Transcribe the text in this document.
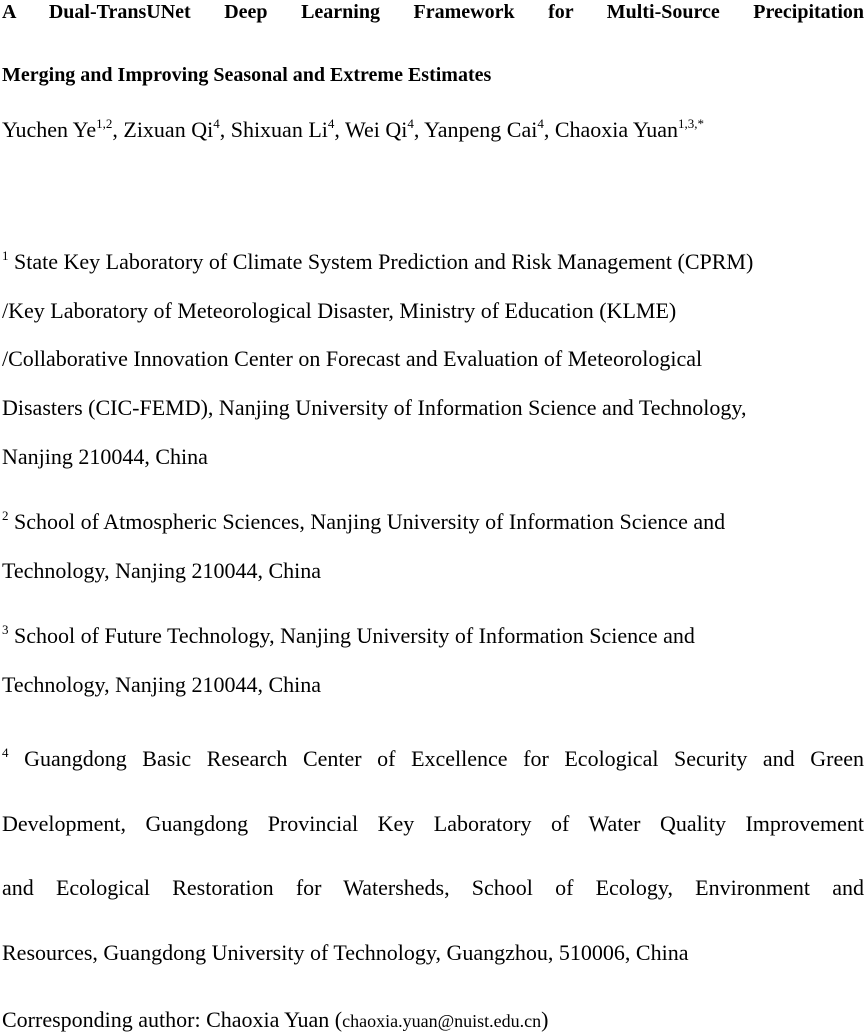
A Dual-TransUNet Deep Learning Framework for Multi-Source Precipitation
Merging and Improving Seasonal and Extreme Estimates
Yuchen Ye$^{1,2}$, Zixuan Qi$^4$, Shixuan Li$^4$, Wei Qi$^4$, Yanpeng Cai$^4$, Chaoxia Yuan$^{1,3,*}$
$^1$ State Key Laboratory of Climate System Prediction and Risk Management (CPRM)
/Key Laboratory of Meteorological Disaster, Ministry of Education (KLME)
/Collaborative Innovation Center on Forecast and Evaluation of Meteorological
Disasters (CIC-FEMD), Nanjing University of Information Science and Technology,
Nanjing 210044, China
$^2$ School of Atmospheric Sciences, Nanjing University of Information Science and
Technology, Nanjing 210044, China
$^3$ School of Future Technology, Nanjing University of Information Science and
Technology, Nanjing 210044, China
$^4$ Guangdong Basic Research Center of Excellence for Ecological Security and Green
Development, Guangdong Provincial Key Laboratory of Water Quality Improvement
and Ecological Restoration for Watersheds, School of Ecology, Environment and
Resources, Guangdong University of Technology, Guangzhou, 510006, China
Corresponding author: Chaoxia Yuan (chaoxia.yuan@nuist.edu.cn)
